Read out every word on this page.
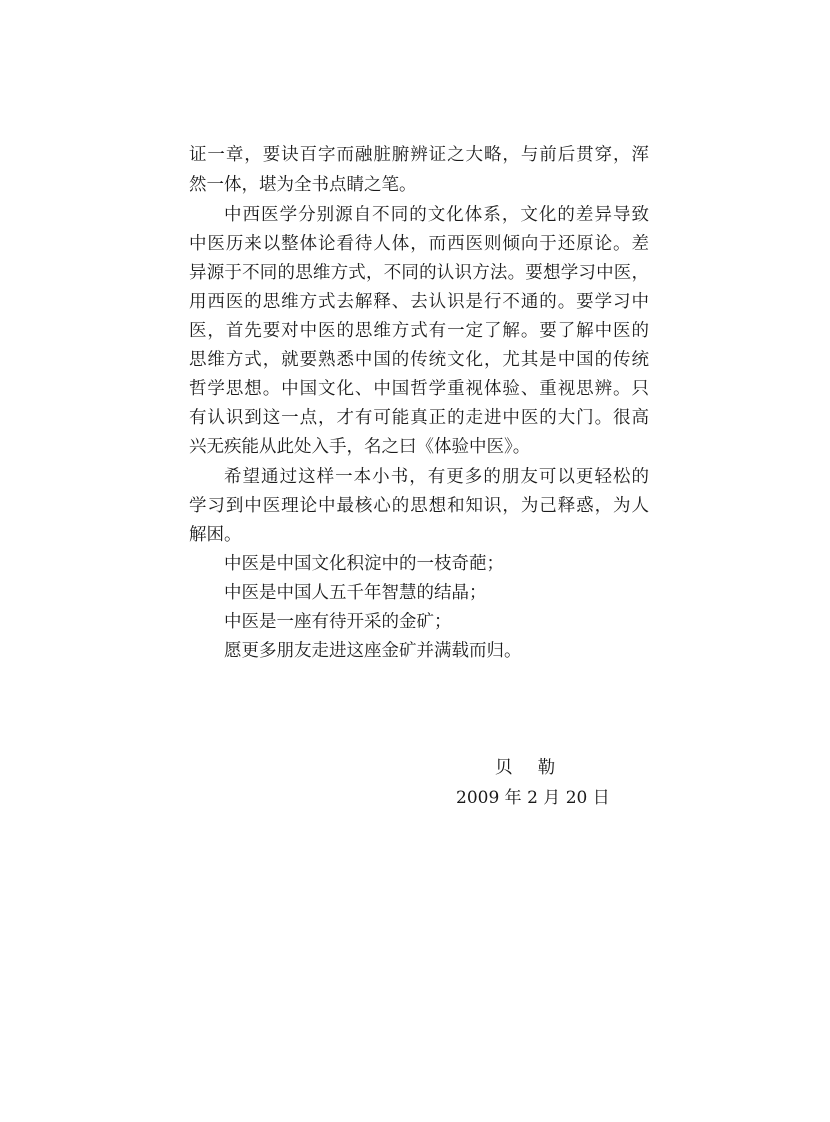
证一章，要诀百字而融脏腑辨证之大略，与前后贯穿，浑
然一体，堪为全书点睛之笔。
中西医学分别源自不同的文化体系，文化的差异导致
中医历来以整体论看待人体，而西医则倾向于还原论。差
异源于不同的思维方式，不同的认识方法。要想学习中医，
用西医的思维方式去解释、去认识是行不通的。要学习中
医，首先要对中医的思维方式有一定了解。要了解中医的
思维方式，就要熟悉中国的传统文化，尤其是中国的传统
哲学思想。中国文化、中国哲学重视体验、重视思辨。只
有认识到这一点，才有可能真正的走进中医的大门。很高
兴无疾能从此处入手，名之曰《体验中医》。
希望通过这样一本小书，有更多的朋友可以更轻松的
学习到中医理论中最核心的思想和知识，为己释惑，为人
解困。
中医是中国文化积淀中的一枝奇葩；
中医是中国人五千年智慧的结晶；
中医是一座有待开采的金矿；
愿更多朋友走进这座金矿并满载而归。
贝 勒
2009 年 2 月 20 日
